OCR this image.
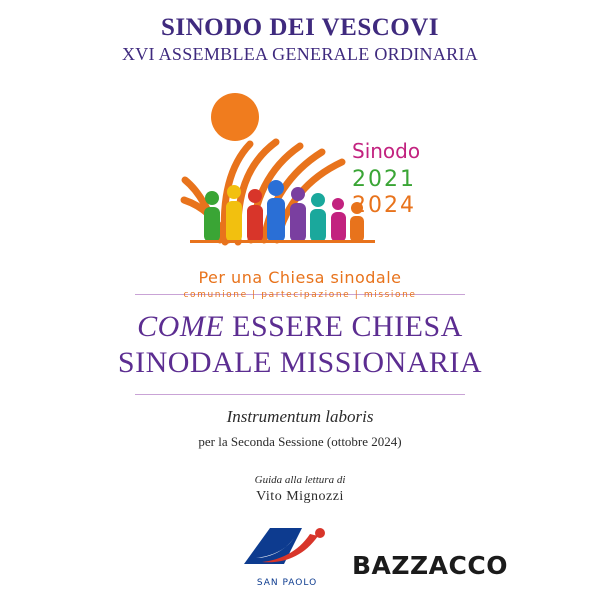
SINODO DEI VESCOVI
XVI ASSEMBLEA GENERALE ORDINARIA
Sinodo
2021
2024
Per una Chiesa sinodale
comunione | partecipazione | missione
COME ESSERE CHIESA
SINODALE MISSIONARIA
Instrumentum laboris
per la Seconda Sessione (ottobre 2024)
Guida alla lettura di
Vito Mignozzi
SAN PAOLO
BAZZACCO
